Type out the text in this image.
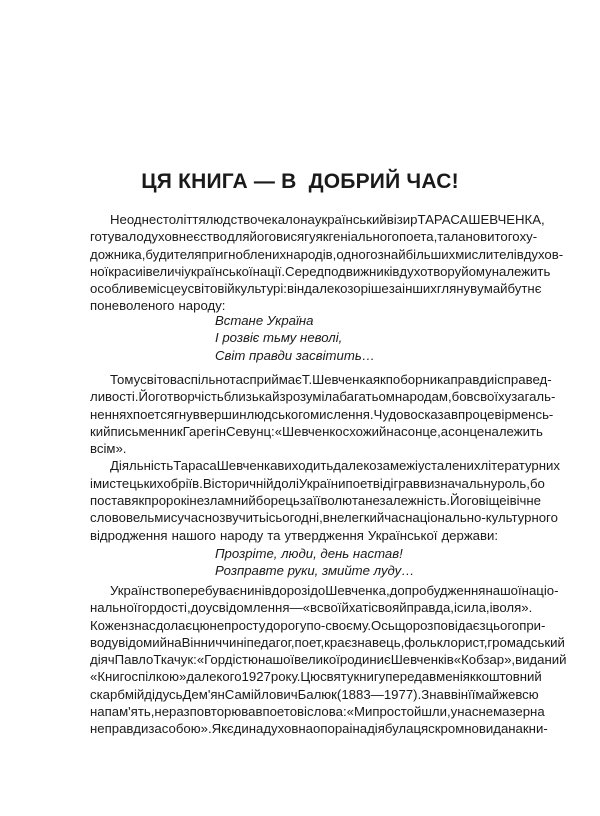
ЦЯ КНИГА — В  ДОБРИЙ ЧАС!
Не одне століття людство чекало на український візир ТАРАСА ШЕВЧЕНКА,
готувало духовне єство для його висягу як геніального поета, талановитого ху-
дожника, будителя пригноблених народів, одного з найбільших мислителів духов-
ної краси і величі української нації. Серед подвижників духотвору йому належить
особливе місце у світовій культурі: він далекозоріше за інших глянув у майбутнє
поневоленого народу:
Встане Україна
І розвіє тьму неволі,
Світ правди засвітить…
Тому світова спільнота сприймає Т. Шевченка як поборника правди і справед-
ливості. Його творчість близька й зрозуміла багатьом народам, бо в своїх узагаль-
неннях поет сягнув вершин людського мислення. Чудово сказав про це вірменсь-
кий письменник Гарегін Севунц: «Шевченко схожий на сонце, а сонце належить
всім».
Діяльність Тараса Шевченка виходить далеко за межі усталених літературних
і мистецьких обріїв. В історичній долі України поет відіграв визначальну роль, бо
постав як пророк і незламний борець за її волю та незалежність. Його віще і вічне
слово вельми сучасно звучить і сьогодні, в нелегкий час національно-культурного
відродження нашого народу та утвердження Української держави:
Прозріте, люди, день настав!
Розправте руки, змийте луду…
Українство перебуває нині в дорозі до Шевченка, до пробудження нашої націо-
нальної гордості, до усвідомлення — «в своїй хаті своя й правда, і сила, і воля».
Кожен з нас долає цю непросту дорогу по-своєму. Ось що розповідає з цього при-
воду відомий на Вінниччині педагог, поет, краєзнавець, фольклорист, громадський
діяч Павло Ткачук: «Гордістю нашої великої родини є Шевченків «Кобзар», виданий
«Книгоспілкою» далекого 1927 року. Цю святу книгу передав мені як коштовний
скарб мій дідусь Дем'ян Самійлович Балюк (1883—1977). Знав він її майже всю
напам'ять, не раз повторював поетові слова: «Ми просто йшли, у нас нема зерна
неправди за собою». Як єдина духовна опора і надія була ця скромно видана кни-
